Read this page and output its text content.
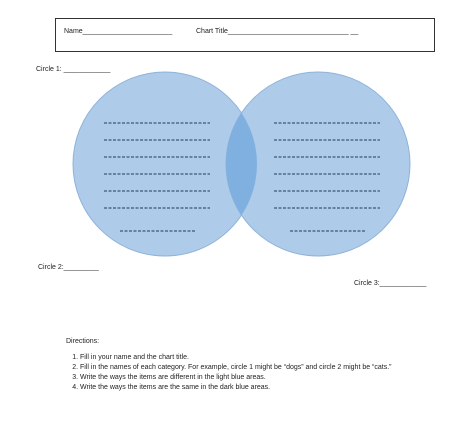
Name_______________________	Chart Title_______________________________ __
Circle 1: ____________
Circle 2:_________
Circle 3:____________
Directions:
1. Fill in your name and the chart title.
2. Fill in the names of each category. For example, circle 1 might be “dogs” and circle 2 might be “cats.”
3. Write the ways the items are different in the light blue areas.
4. Write the ways the items are the same in the dark blue areas.
